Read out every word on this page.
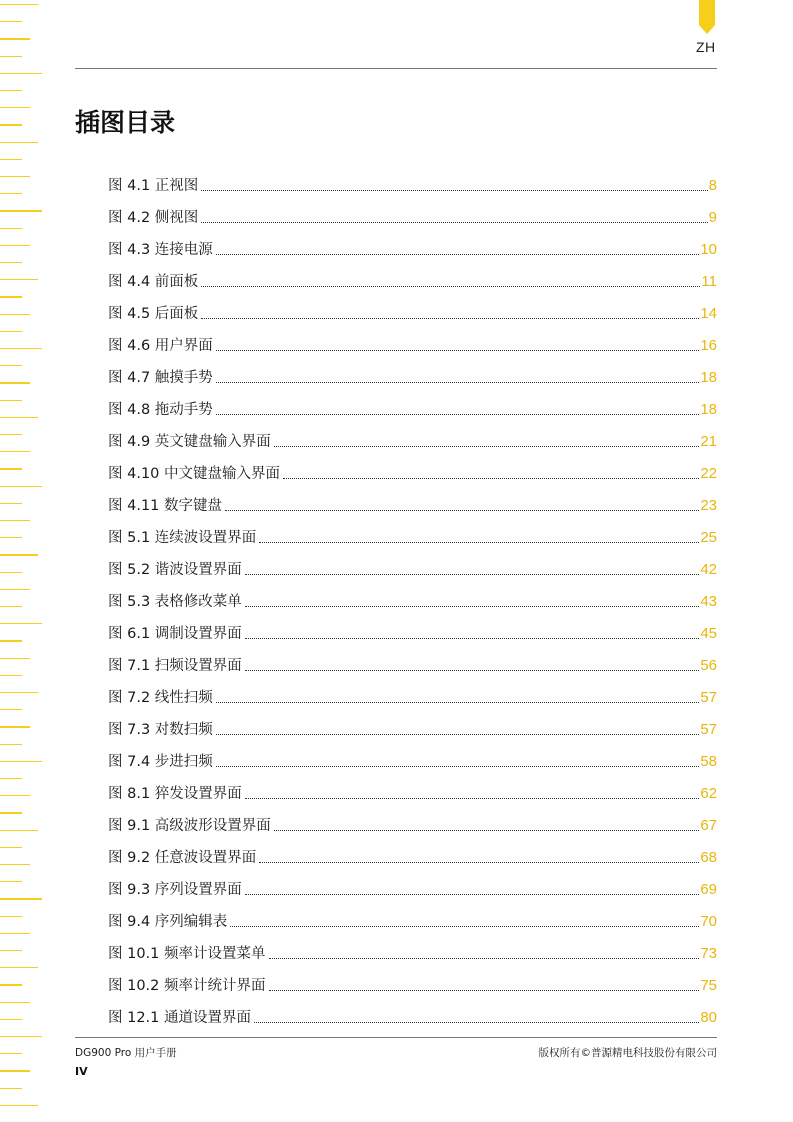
ZH
插图目录
图 4.1 正视图	8
图 4.2 侧视图	9
图 4.3 连接电源	10
图 4.4 前面板	11
图 4.5 后面板	14
图 4.6 用户界面	16
图 4.7 触摸手势	18
图 4.8 拖动手势	18
图 4.9 英文键盘输入界面	21
图 4.10 中文键盘输入界面	22
图 4.11 数字键盘	23
图 5.1 连续波设置界面	25
图 5.2 谐波设置界面	42
图 5.3 表格修改菜单	43
图 6.1 调制设置界面	45
图 7.1 扫频设置界面	56
图 7.2 线性扫频	57
图 7.3 对数扫频	57
图 7.4 步进扫频	58
图 8.1 猝发设置界面	62
图 9.1 高级波形设置界面	67
图 9.2 任意波设置界面	68
图 9.3 序列设置界面	69
图 9.4 序列编辑表	70
图 10.1 频率计设置菜单	73
图 10.2 频率计统计界面	75
图 12.1 通道设置界面	80
DG900 Pro 用户手册	版权所有©普源精电科技股份有限公司
IV
